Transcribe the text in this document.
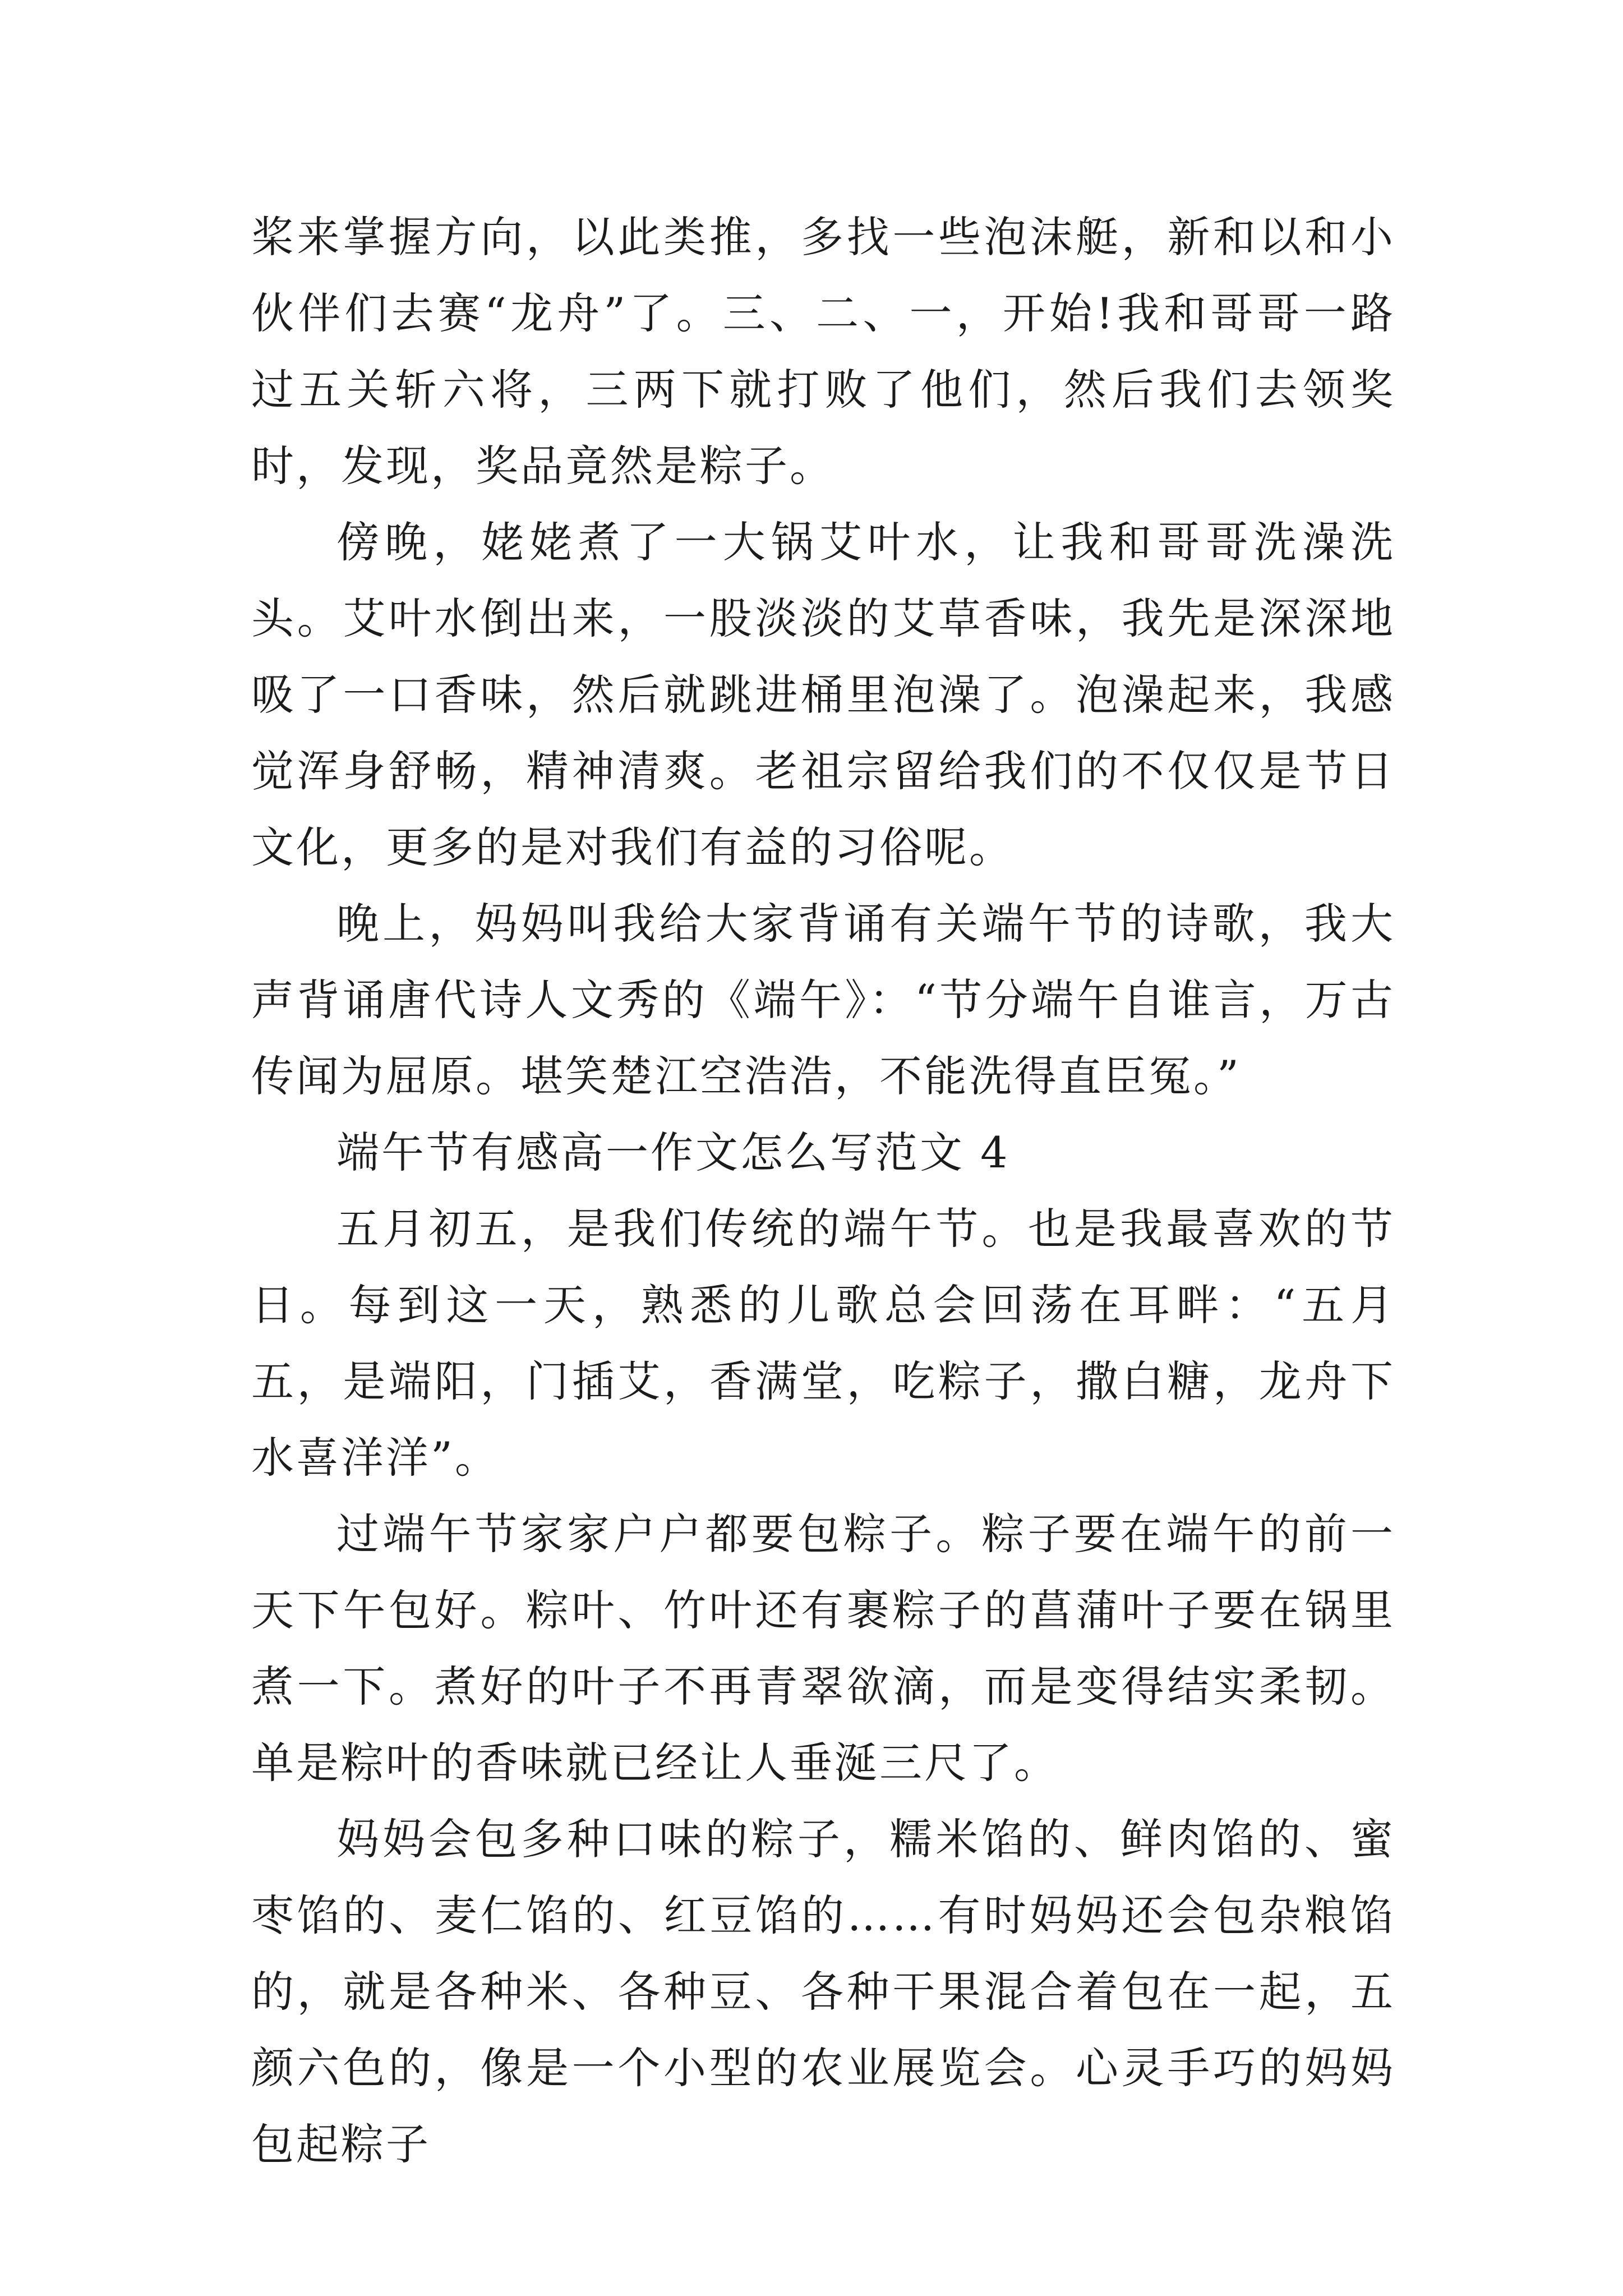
桨来掌握方向，以此类推，多找一些泡沫艇，新和以和小伙伴们去赛“龙舟”了。三、二、一，开始!我和哥哥一路过五关斩六将，三两下就打败了他们，然后我们去领奖时，发现，奖品竟然是粽子。

傍晚，姥姥煮了一大锅艾叶水，让我和哥哥洗澡洗头。艾叶水倒出来，一股淡淡的艾草香味，我先是深深地吸了一口香味，然后就跳进桶里泡澡了。泡澡起来，我感觉浑身舒畅，精神清爽。老祖宗留给我们的不仅仅是节日文化，更多的是对我们有益的习俗呢。

晚上，妈妈叫我给大家背诵有关端午节的诗歌，我大声背诵唐代诗人文秀的《端午》：“节分端午自谁言，万古传闻为屈原。堪笑楚江空浩浩，不能洗得直臣冤。”

端午节有感高一作文怎么写范文 4

五月初五，是我们传统的端午节。也是我最喜欢的节日。每到这一天，熟悉的儿歌总会回荡在耳畔：“五月五，是端阳，门插艾，香满堂，吃粽子，撒白糖，龙舟下水喜洋洋”。

过端午节家家户户都要包粽子。粽子要在端午的前一天下午包好。粽叶、竹叶还有裹粽子的菖蒲叶子要在锅里煮一下。煮好的叶子不再青翠欲滴，而是变得结实柔韧。单是粽叶的香味就已经让人垂涎三尺了。

妈妈会包多种口味的粽子，糯米馅的、鲜肉馅的、蜜枣馅的、麦仁馅的、红豆馅的……有时妈妈还会包杂粮馅的，就是各种米、各种豆、各种干果混合着包在一起，五颜六色的，像是一个小型的农业展览会。心灵手巧的妈妈包起粽子
